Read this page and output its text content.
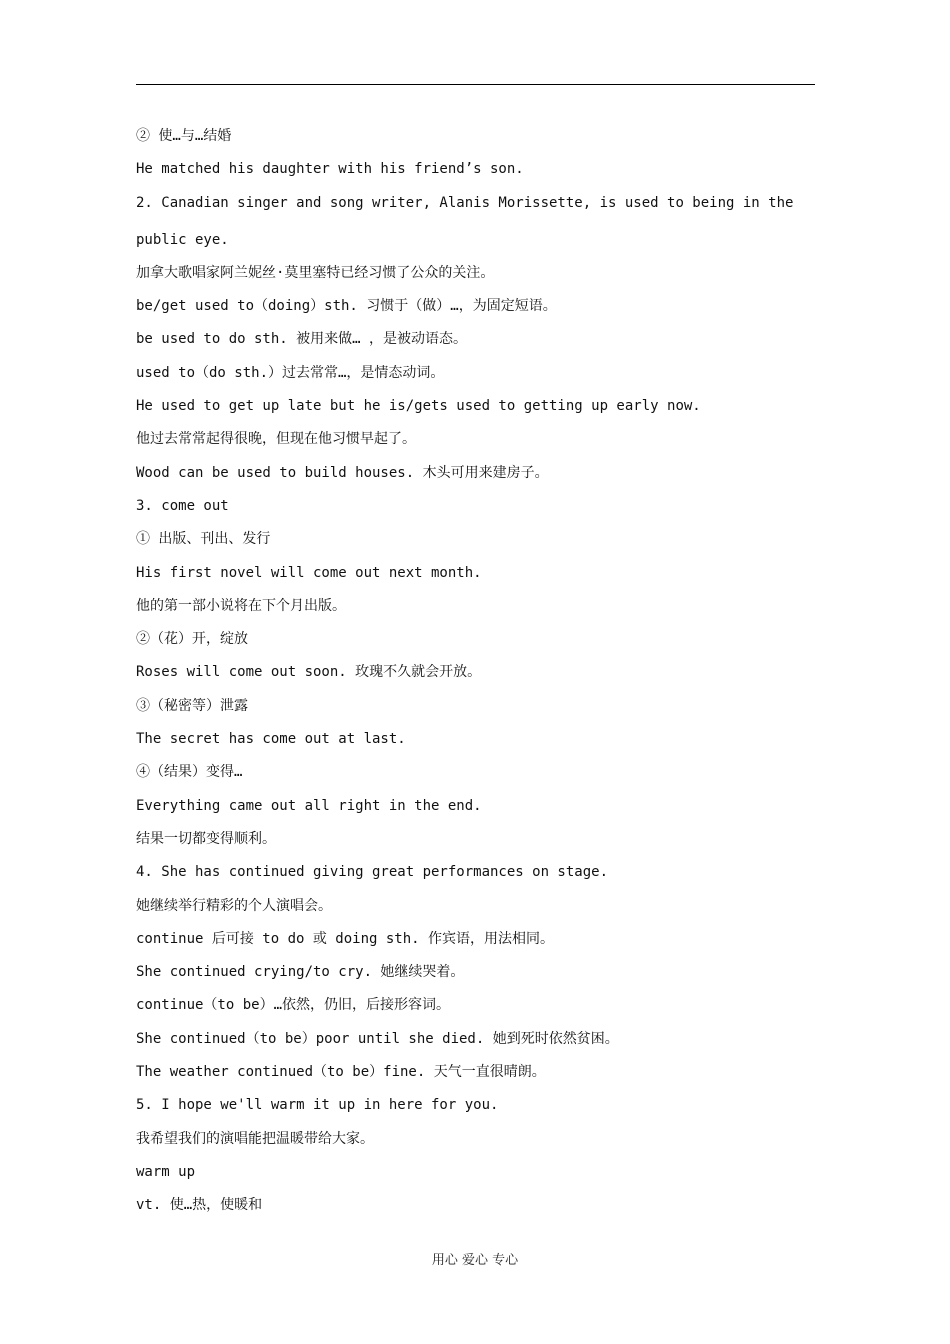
② 使…与…结婚
He matched his daughter with his friend’s son.
2. Canadian singer and song writer, Alanis Morissette, is used to being in the
public eye.
加拿大歌唱家阿兰妮丝·莫里塞特已经习惯了公众的关注。
be/get used to（doing）sth. 习惯于（做）…，为固定短语。
be used to do sth. 被用来做… ，是被动语态。
used to（do sth.）过去常常…，是情态动词。
He used to get up late but he is/gets used to getting up early now.
他过去常常起得很晚，但现在他习惯早起了。
Wood can be used to build houses. 木头可用来建房子。
3. come out
① 出版、刊出、发行
His first novel will come out next month.
他的第一部小说将在下个月出版。
②（花）开，绽放
Roses will come out soon. 玫瑰不久就会开放。
③（秘密等）泄露
The secret has come out at last.
④（结果）变得…
Everything came out all right in the end.
结果一切都变得顺利。
4. She has continued giving great performances on stage.
她继续举行精彩的个人演唱会。
continue 后可接 to do 或 doing sth. 作宾语，用法相同。
She continued crying/to cry. 她继续哭着。
continue（to be）…依然，仍旧，后接形容词。
She continued（to be）poor until she died. 她到死时依然贫困。
The weather continued（to be）fine. 天气一直很晴朗。
5. I hope we'll warm it up in here for you.
我希望我们的演唱能把温暖带给大家。
warm up
vt. 使…热，使暖和
用心 爱心 专心
